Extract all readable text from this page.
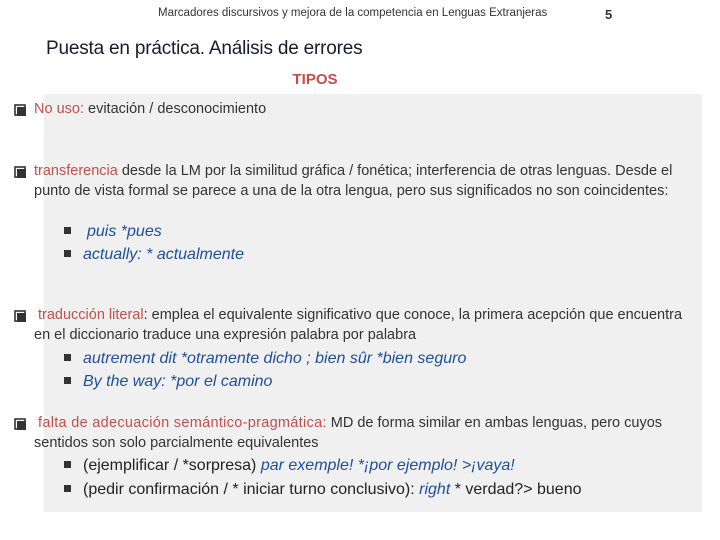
Marcadores discursivos y mejora de la competencia en Lenguas Extranjeras	5
Puesta en práctica. Análisis de errores
TIPOS
No uso: evitación / desconocimiento
transferencia desde la LM por la similitud gráfica / fonética; interferencia de otras lenguas. Desde el punto de vista formal se parece a una de la otra lengua, pero sus significados no son coincidentes:
puis *pues
actually: * actualmente
traducción literal: emplea el equivalente significativo que conoce, la primera acepción que encuentra en el diccionario traduce una expresión palabra por palabra
autrement dit *otramente dicho ; bien sûr *bien seguro
By the way: *por el camino
falta de adecuación semántico-pragmática: MD de forma similar en ambas lenguas, pero cuyos sentidos son solo parcialmente equivalentes
(ejemplificar / *sorpresa) par exemple! *¡por ejemplo! >¡vaya!
(pedir confirmación / * iniciar turno conclusivo): right * verdad?> bueno
